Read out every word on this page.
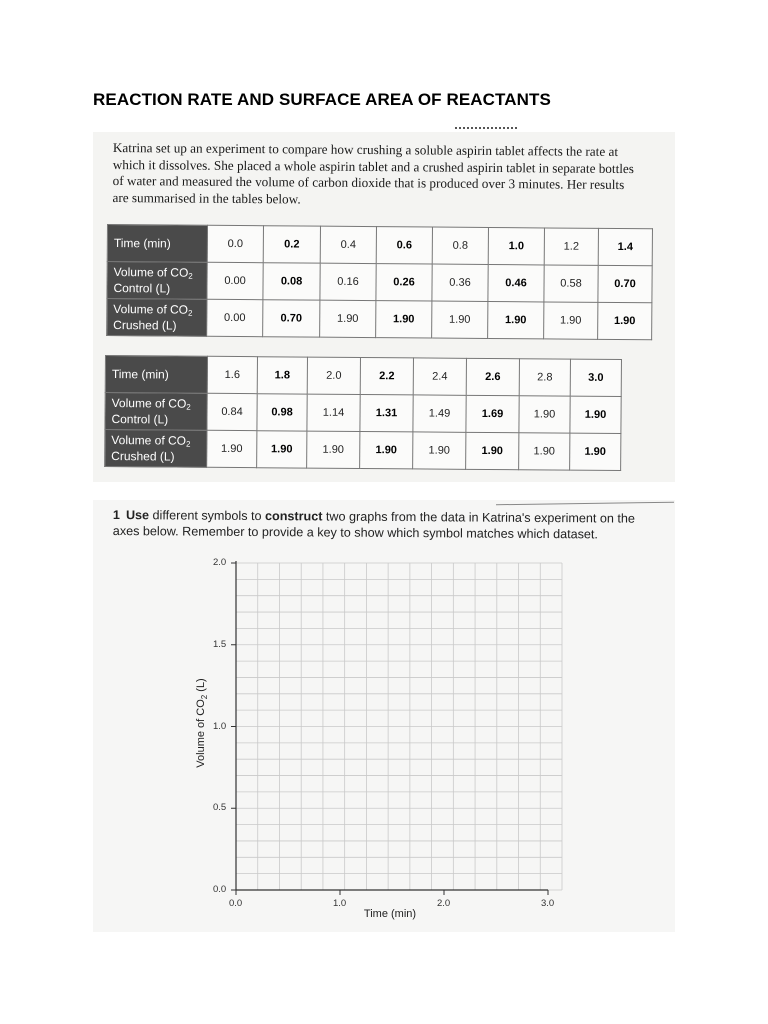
REACTION RATE AND SURFACE AREA OF REACTANTS

Katrina set up an experiment to compare how crushing a soluble aspirin tablet affects the rate at which it dissolves. She placed a whole aspirin tablet and a crushed aspirin tablet in separate bottles of water and measured the volume of carbon dioxide that is produced over 3 minutes. Her results are summarised in the tables below.

Time (min)	0.0	0.2	0.4	0.6	0.8	1.0	1.2	1.4
Volume of $CO_2$
Control (L)	0.00	0.08	0.16	0.26	0.36	0.46	0.58	0.70
Volume of $CO_2$
Crushed (L)	0.00	0.70	1.90	1.90	1.90	1.90	1.90	1.90
Time (min)	1.6	1.8	2.0	2.2	2.4	2.6	2.8	3.0
Volume of $CO_2$
Control (L)	0.84	0.98	1.14	1.31	1.49	1.69	1.90	1.90
Volume of $CO_2$
Crushed (L)	1.90	1.90	1.90	1.90	1.90	1.90	1.90	1.90

1 Use different symbols to construct two graphs from the data in Katrina's experiment on the axes below. Remember to provide a key to show which symbol matches which dataset.

Volume of $CO_2$ (L)
Time (min)
0.0
0.5
1.0
1.5
2.0
0.0	1.0	2.0	3.0
